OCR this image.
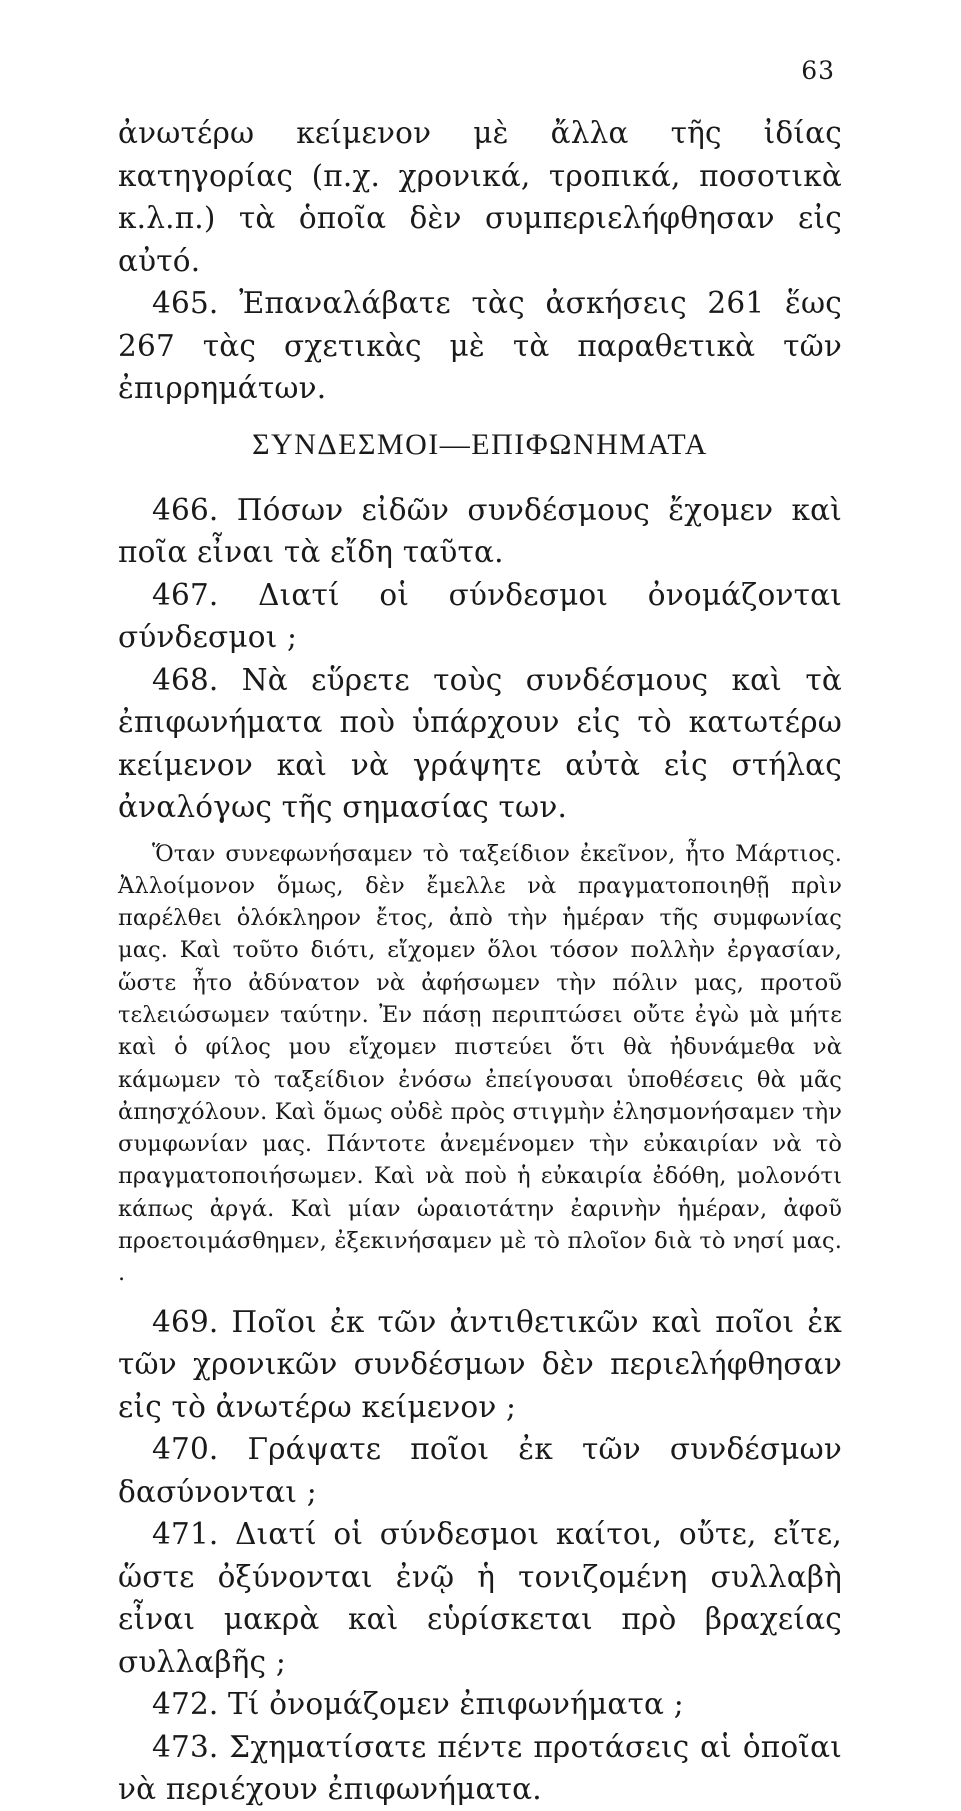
63

ἀνωτέρω κείμενον μὲ ἄλλα τῆς ἰδίας κατηγορίας (π.χ. χρονικά, τροπικά, ποσοτικὰ κ.λ.π.) τὰ ὁποῖα δὲν συμπεριελήφθησαν εἰς αὐτό.

465. Ἐπαναλάβατε τὰς ἀσκήσεις 261 ἕως 267 τὰς σχετικὰς μὲ τὰ παραθετικὰ τῶν ἐπιρρημάτων.

ΣΥΝΔΕΣΜΟΙ—ΕΠΙΦΩΝΗΜΑΤΑ

466. Πόσων εἰδῶν συνδέσμους ἔχομεν καὶ ποῖα εἶναι τὰ εἴδη ταῦτα.

467. Διατί οἱ σύνδεσμοι ὀνομάζονται σύνδεσμοι ;

468. Νὰ εὕρετε τοὺς συνδέσμους καὶ τὰ ἐπιφωνήματα ποὺ ὑπάρχουν εἰς τὸ κατωτέρω κείμενον καὶ νὰ γράψητε αὐτὰ εἰς στήλας ἀναλόγως τῆς σημασίας των.

Ὅταν συνεφωνήσαμεν τὸ ταξείδιον ἐκεῖνον, ἦτο Μάρτιος. Ἀλλοίμονον ὅμως, δὲν ἔμελλε νὰ πραγματοποιηθῇ πρὶν παρέλθει ὁλόκληρον ἔτος, ἀπὸ τὴν ἡμέραν τῆς συμφωνίας μας. Καὶ τοῦτο διότι, εἴχομεν ὅλοι τόσον πολλὴν ἐργασίαν, ὥστε ἦτο ἀδύνατον νὰ ἀφήσωμεν τὴν πόλιν μας, προτοῦ τελειώσωμεν ταύτην. Ἐν πάσῃ περιπτώσει οὔτε ἐγὼ μὰ μήτε καὶ ὁ φίλος μου εἴχομεν πιστεύει ὅτι θὰ ἠδυνάμεθα νὰ κάμωμεν τὸ ταξείδιον ἐνόσω ἐπείγουσαι ὑποθέσεις θὰ μᾶς ἀπησχόλουν. Καὶ ὅμως οὐδὲ πρὸς στιγμὴν ἐλησμονήσαμεν τὴν συμφωνίαν μας. Πάντοτε ἀνεμένομεν τὴν εὐκαιρίαν νὰ τὸ πραγματοποιήσωμεν. Καὶ νὰ ποὺ ἡ εὐκαιρία ἐδόθη, μολονότι κάπως ἀργά. Καὶ μίαν ὡραιοτάτην ἐαρινὴν ἡμέραν, ἀφοῦ προετοιμάσθημεν, ἐξεκινήσαμεν μὲ τὸ πλοῖον διὰ τὸ νησί μας. .

469. Ποῖοι ἐκ τῶν ἀντιθετικῶν καὶ ποῖοι ἐκ τῶν χρονικῶν συνδέσμων δὲν περιελήφθησαν εἰς τὸ ἀνωτέρω κείμενον ;

470. Γράψατε ποῖοι ἐκ τῶν συνδέσμων δασύνονται ;

471. Διατί οἱ σύνδεσμοι καίτοι, οὔτε, εἴτε, ὥστε ὀξύνονται ἐνῷ ἡ τονιζομένη συλλαβὴ εἶναι μακρὰ καὶ εὑρίσκεται πρὸ βραχείας συλλαβῆς ;

472. Τί ὀνομάζομεν ἐπιφωνήματα ;

473. Σχηματίσατε πέντε προτάσεις αἱ ὁποῖαι νὰ περιέχουν ἐπιφωνήματα.
